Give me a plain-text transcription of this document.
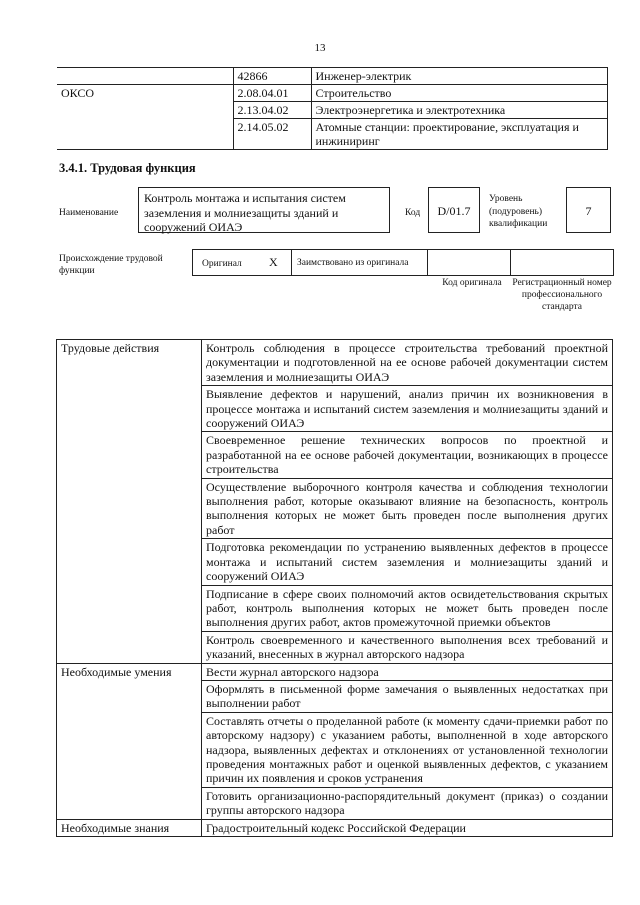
13
	42866	Инженер-электрик
ОКСО	2.08.04.01	Строительство
	2.13.04.02	Электроэнергетика и электротехника
	2.14.05.02	Атомные станции: проектирование, эксплуатация и инжиниринг
3.4.1. Трудовая функция
Наименование
Контроль монтажа и испытания систем заземления и молниезащиты зданий и сооружений ОИАЭ
Код	D/01.7
Уровень (подуровень) квалификации
7
Происхождение трудовой функции
Оригинал X Заимствовано из оригинала
Код оригинала	Регистрационный номер профессионального стандарта
Трудовые действия	Контроль соблюдения в процессе строительства требований проектной документации и подготовленной на ее основе рабочей документации систем заземления и молниезащиты ОИАЭ
	Выявление дефектов и нарушений, анализ причин их возникновения в процессе монтажа и испытаний систем заземления и молниезащиты зданий и сооружений ОИАЭ
	Своевременное решение технических вопросов по проектной и разработанной на ее основе рабочей документации, возникающих в процессе строительства
	Осуществление выборочного контроля качества и соблюдения технологии выполнения работ, которые оказывают влияние на безопасность, контроль выполнения которых не может быть проведен после выполнения других работ
	Подготовка рекомендации по устранению выявленных дефектов в процессе монтажа и испытаний систем заземления и молниезащиты зданий и сооружений ОИАЭ
	Подписание в сфере своих полномочий актов освидетельствования скрытых работ, контроль выполнения которых не может быть проведен после выполнения других работ, актов промежуточной приемки объектов
	Контроль своевременного и качественного выполнения всех требований и указаний, внесенных в журнал авторского надзора
Необходимые умения	Вести журнал авторского надзора
	Оформлять в письменной форме замечания о выявленных недостатках при выполнении работ
	Составлять отчеты о проделанной работе (к моменту сдачи-приемки работ по авторскому надзору) с указанием работы, выполненной в ходе авторского надзора, выявленных дефектах и отклонениях от установленной технологии проведения монтажных работ и оценкой выявленных дефектов, с указанием причин их появления и сроков устранения
	Готовить организационно-распорядительный документ (приказ) о создании группы авторского надзора
Необходимые знания	Градостроительный кодекс Российской Федерации
